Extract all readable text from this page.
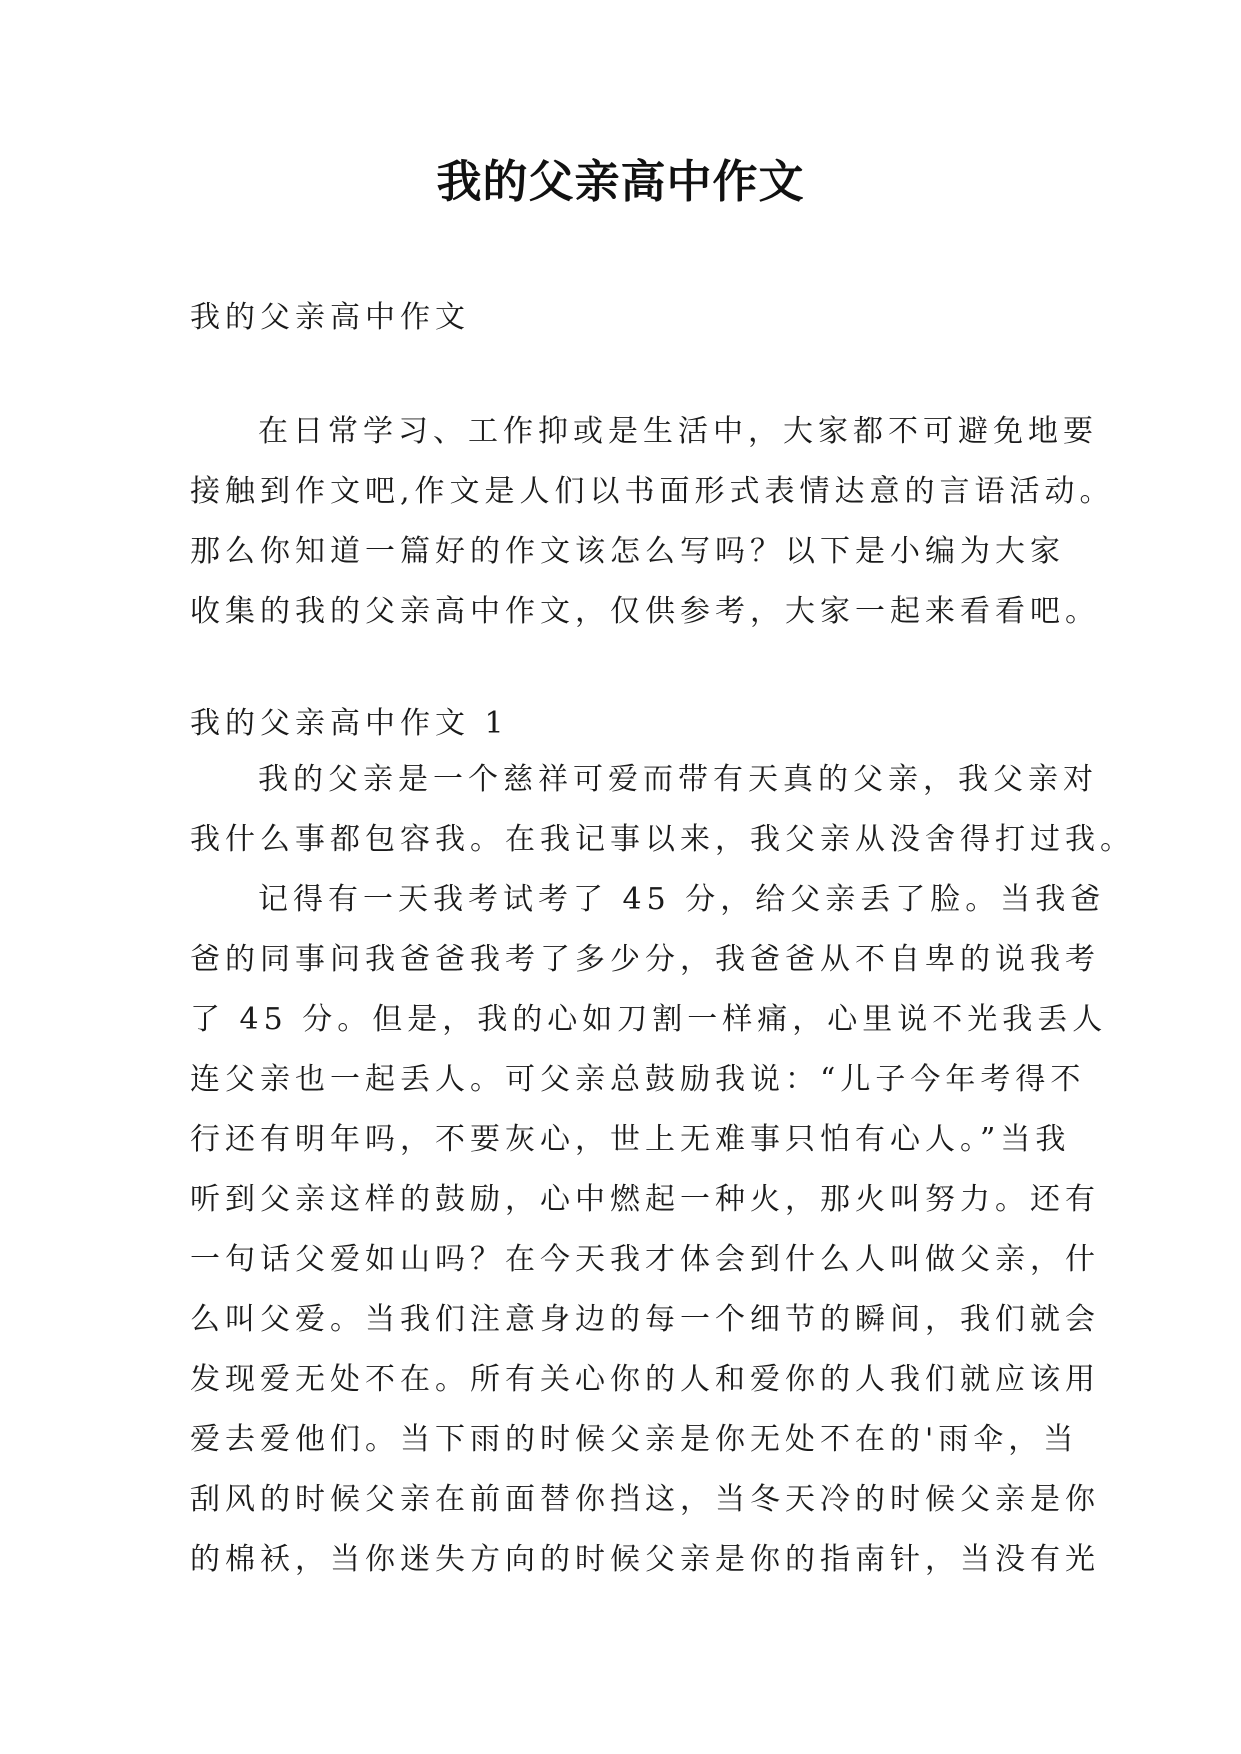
我的父亲高中作文
我的父亲高中作文
在日常学习、工作抑或是生活中，大家都不可避免地要
接触到作文吧,作文是人们以书面形式表情达意的言语活动。
那么你知道一篇好的作文该怎么写吗？以下是小编为大家
收集的我的父亲高中作文，仅供参考，大家一起来看看吧。
我的父亲高中作文 1
我的父亲是一个慈祥可爱而带有天真的父亲，我父亲对
我什么事都包容我。在我记事以来，我父亲从没舍得打过我。
记得有一天我考试考了 45 分，给父亲丢了脸。当我爸
爸的同事问我爸爸我考了多少分，我爸爸从不自卑的说我考
了 45 分。但是，我的心如刀割一样痛，心里说不光我丢人
连父亲也一起丢人。可父亲总鼓励我说：“儿子今年考得不
行还有明年吗，不要灰心，世上无难事只怕有心人。”当我
听到父亲这样的鼓励，心中燃起一种火，那火叫努力。还有
一句话父爱如山吗？在今天我才体会到什么人叫做父亲，什
么叫父爱。当我们注意身边的每一个细节的瞬间，我们就会
发现爱无处不在。所有关心你的人和爱你的人我们就应该用
爱去爱他们。当下雨的时候父亲是你无处不在的'雨伞，当
刮风的时候父亲在前面替你挡这，当冬天冷的时候父亲是你
的棉袄，当你迷失方向的时候父亲是你的指南针，当没有光
